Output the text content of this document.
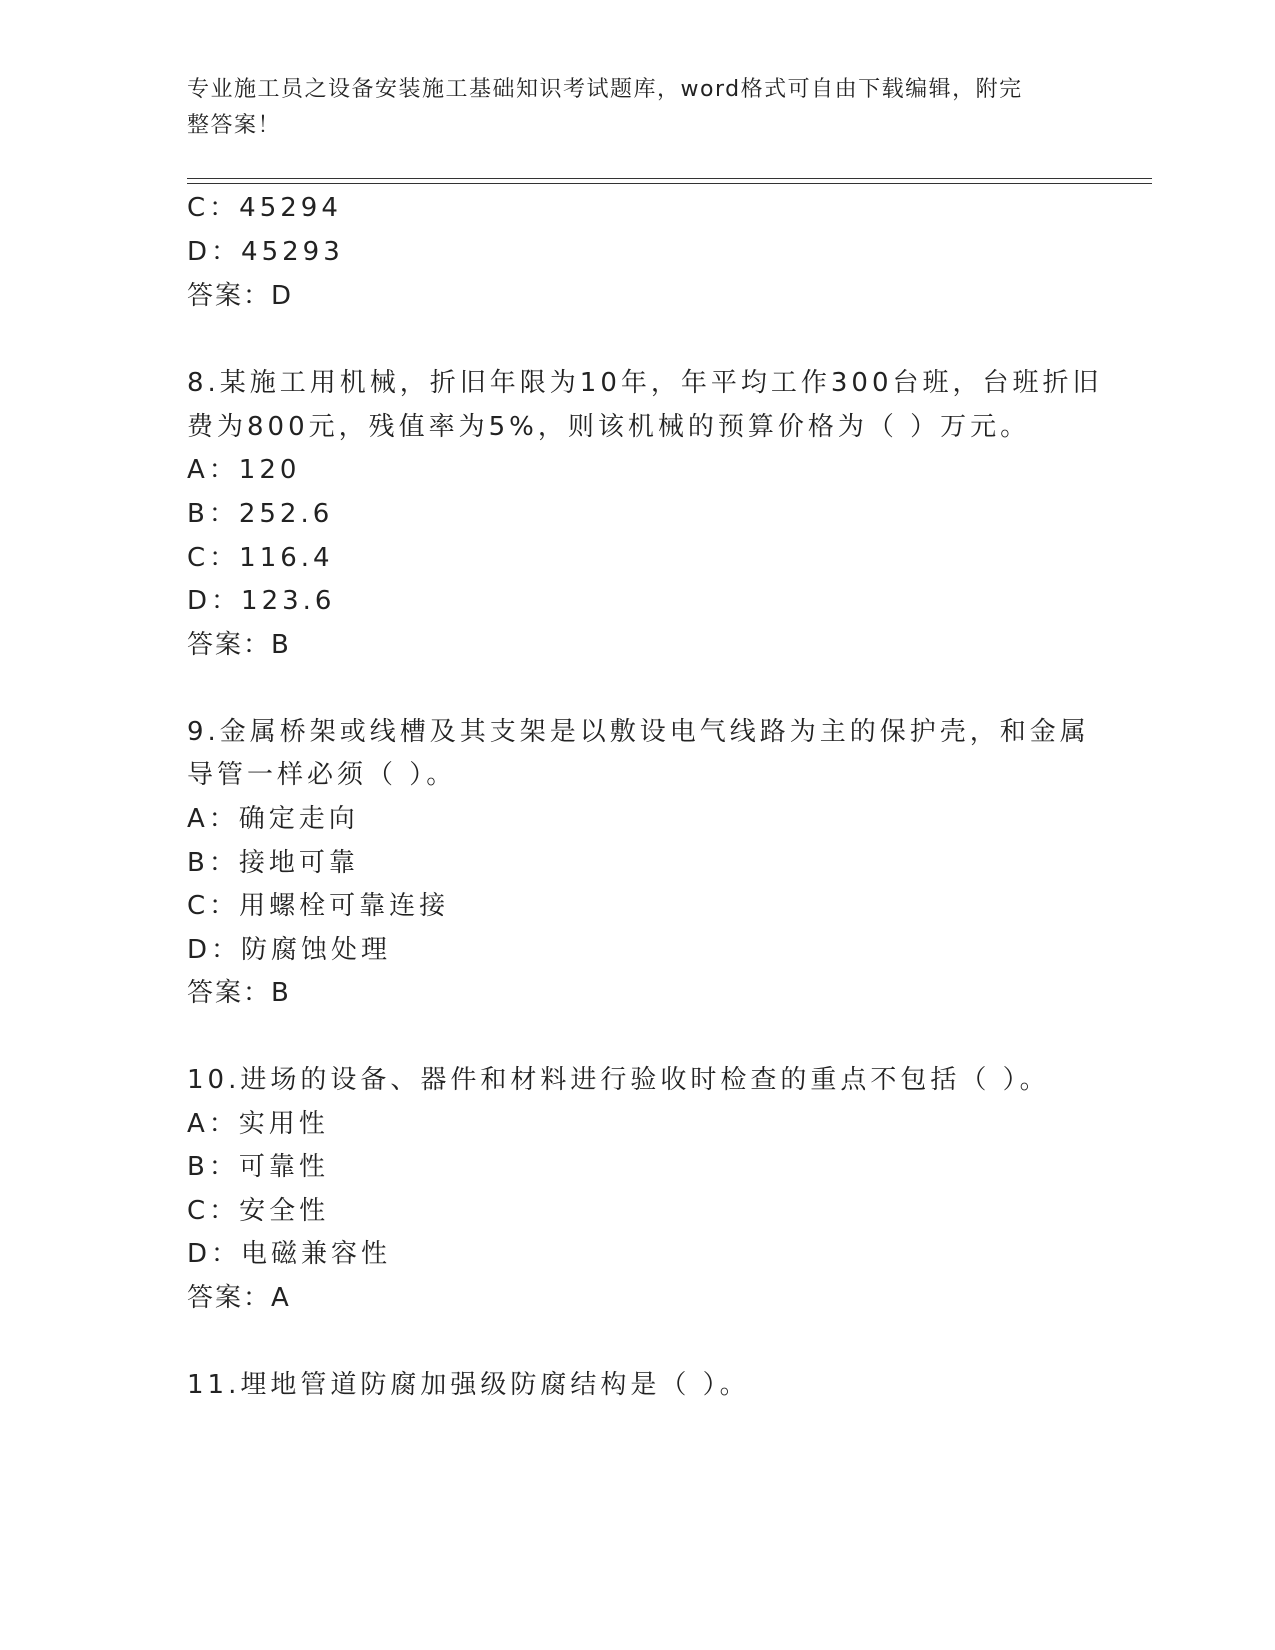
专业施工员之设备安装施工基础知识考试题库，word格式可自由下载编辑，附完
整答案！
C：45294
D：45293
答案：D
8.某施工用机械，折旧年限为10年，年平均工作300台班，台班折旧
费为800元，残值率为5%，则该机械的预算价格为（ ）万元。
A：120
B：252.6
C：116.4
D：123.6
答案：B
9.金属桥架或线槽及其支架是以敷设电气线路为主的保护壳，和金属
导管一样必须（ ）。
A：确定走向
B：接地可靠
C：用螺栓可靠连接
D：防腐蚀处理
答案：B
10.进场的设备、器件和材料进行验收时检查的重点不包括（ ）。
A：实用性
B：可靠性
C：安全性
D：电磁兼容性
答案：A
11.埋地管道防腐加强级防腐结构是（ ）。
